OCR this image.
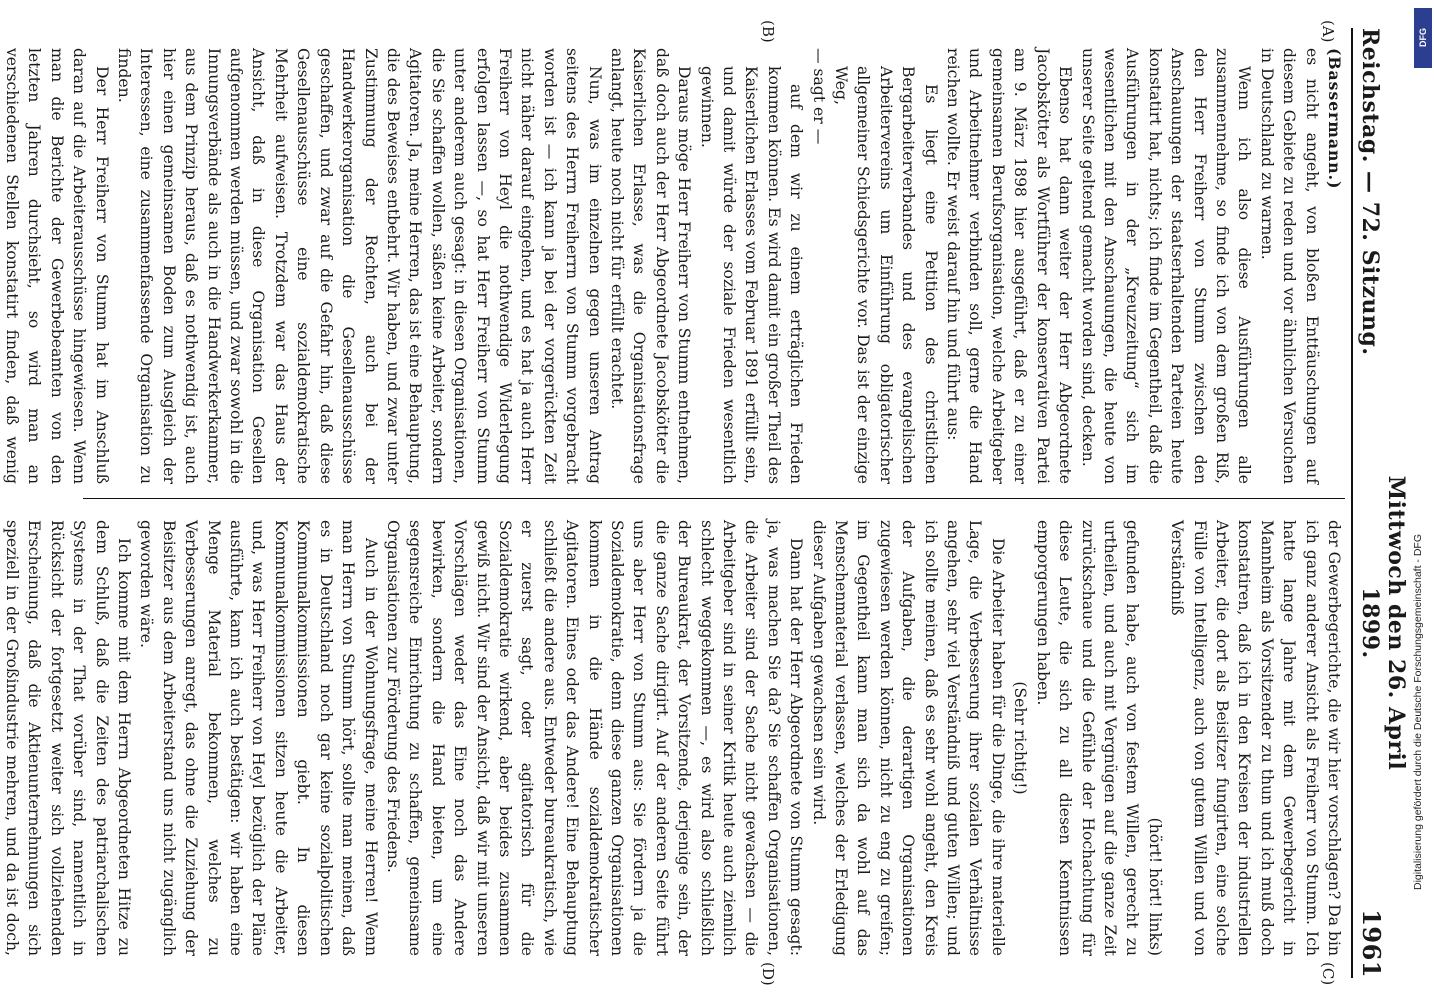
Reichstag. — 72. Sitzung.
Mittwoch den 26. April 1899.
1961
(A)
(B)
(C)
(D)

(Bassermann.)

es nicht angeht, von bloßen Enttäuschungen auf diesem Gebiete zu reden und vor ähnlichen Versuchen in Deutschland zu warnen.

Wenn ich also diese Ausführungen alle zusammennehme, so finde ich von dem großen Riß, den Herr Freiherr von Stumm zwischen den Anschauungen der staatserhaltenden Parteien heute konstatirt hat, nichts; ich finde im Gegentheil, daß die Ausführungen in der „Kreuzzeitung“ sich im wesentlichen mit den Anschauungen, die heute von unserer Seite geltend gemacht worden sind, decken.

Ebenso hat dann weiter der Herr Abgeordnete Jacobskötter als Wortführer der konservativen Partei am 9. März 1898 hier ausgeführt, daß er zu einer gemeinsamen Berufsorganisation, welche Arbeitgeber und Arbeitnehmer verbinden soll, gerne die Hand reichen wollte. Er weist darauf hin und führt aus:

Es liegt eine Petition des christlichen Bergarbeiterverbandes und des evangelischen Arbeitervereins um Einführung obligatorischer allgemeiner Schiedsgerichte vor. Das ist der einzige Weg,

— sagt er —

auf dem wir zu einem erträglichen Frieden kommen können. Es wird damit ein großer Theil des Kaiserlichen Erlasses vom Februar 1891 erfüllt sein, und damit würde der soziale Frieden wesentlich gewinnen.

Daraus möge Herr Freiherr von Stumm entnehmen, daß doch auch der Herr Abgeordnete Jacobskötter die Kaiserlichen Erlasse, was die Organisationsfrage anlangt, heute noch nicht für erfüllt erachtet.

Nun, was im einzelnen gegen unseren Antrag seitens des Herrn Freiherrn von Stumm vorgebracht worden ist — ich kann ja bei der vorgerückten Zeit nicht näher darauf eingehen, und es hat ja auch Herr Freiherr von Heyl die nothwendige Widerlegung erfolgen lassen —, so hat Herr Freiherr von Stumm unter anderem auch gesagt: in diesen Organisationen, die Sie schaffen wollen, säßen keine Arbeiter, sondern Agitatoren. Ja, meine Herren, das ist eine Behauptung, die des Beweises entbehrt. Wir haben, und zwar unter Zustimmung der Rechten, auch bei der Handwerkerorganisation die Gesellenausschüsse geschaffen, und zwar auf die Gefahr hin, daß diese Gesellenausschüsse eine sozialdemokratische Mehrheit aufweisen. Trotzdem war das Haus der Ansicht, daß in diese Organisation Gesellen aufgenommen werden müssen, und zwar sowohl in die Innungsverbände als auch in die Handwerkerkammer, aus dem Prinzip heraus, daß es nothwendig ist, auch hier einen gemeinsamen Boden zum Ausgleich der Interessen, eine zusammenfassende Organisation zu finden.

Der Herr Freiherr von Stumm hat im Anschluß daran auf die Arbeiterausschüsse hingewiesen. Wenn man die Berichte der Gewerbebeamten von den letzten Jahren durchsieht, so wird man an verschiedenen Stellen konstatirt finden, daß wenig

der Gewerbegerichte, die wir hier vorschlagen? Da bin ich ganz anderer Ansicht als Freiherr von Stumm. Ich hatte lange Jahre mit dem Gewerbegericht in Mannheim als Vorsitzender zu thun und ich muß doch konstatiren, daß ich in den Kreisen der industriellen Arbeiter, die dort als Beisitzer fungirten, eine solche Fülle von Intelligenz, auch von gutem Willen und von Verständniß

(hört! hört! links)

gefunden habe, auch von festem Willen, gerecht zu urtheilen, und auch mit Vergnügen auf die ganze Zeit zurückschaue und die Gefühle der Hochachtung für diese Leute, die sich zu all diesen Kenntnissen emporgerungen haben.

(Sehr richtig!)

Die Arbeiter haben für die Dinge, die ihre materielle Lage, die Verbesserung ihrer sozialen Verhältnisse angehen, sehr viel Verständniß und guten Willen; und ich sollte meinen, daß es sehr wohl angeht, den Kreis der Aufgaben, die derartigen Organisationen zugewiesen werden können, nicht zu eng zu greifen; im Gegentheil kann man sich da wohl auf das Menschenmaterial verlassen, welches der Erledigung dieser Aufgaben gewachsen sein wird.

Dann hat der Herr Abgeordnete von Stumm gesagt: ja, was machen Sie da? Sie schaffen Organisationen, die Arbeiter sind der Sache nicht gewachsen — die Arbeitgeber sind in seiner Kritik heute auch ziemlich schlecht weggekommen —, es wird also schließlich der Bureaukrat, der Vorsitzende, derjenige sein, der die ganze Sache dirigirt. Auf der anderen Seite führt uns aber Herr von Stumm aus: Sie fördern ja die Sozialdemokratie, denn diese ganzen Organisationen kommen in die Hände sozialdemokratischer Agitatoren. Eines oder das Andere! Eine Behauptung schließt die andere aus. Entweder bureaukratisch, wie er zuerst sagt, oder agitatorisch für die Sozialdemokratie wirkend, aber beides zusammen gewiß nicht. Wir sind der Ansicht, daß wir mit unseren Vorschlägen weder das Eine noch das Andere bewirken, sondern die Hand bieten, um eine segensreiche Einrichtung zu schaffen, gemeinsame Organisationen zur Förderung des Friedens.

Auch in der Wohnungsfrage, meine Herren! Wenn man Herrn von Stumm hört, sollte man meinen, daß es in Deutschland noch gar keine sozialpolitischen Kommunalkommissionen giebt. In diesen Kommunalkommissionen sitzen heute die Arbeiter, und, was Herr Freiherr von Heyl bezüglich der Pläne ausführte, kann ich auch bestätigen: wir haben eine Menge Material bekommen, welches zu Verbesserungen anregt, das ohne die Zuziehung der Beisitzer aus dem Arbeiterstand uns nicht zugänglich geworden wäre.

Ich komme mit dem Herrn Abgeordneten Hitze zu dem Schluß, daß die Zeiten des patriarchalischen Systems in der That vorüber sind, namentlich in Rücksicht der fortgesetzt weiter sich vollziehenden Erscheinung, daß die Aktienunternehmungen sich speziell in der Großindustrie mehren, und da ist doch,

DFG
Digitalisierung gefördert durch die Deutsche Forschungsgemeinschaft - DFG
